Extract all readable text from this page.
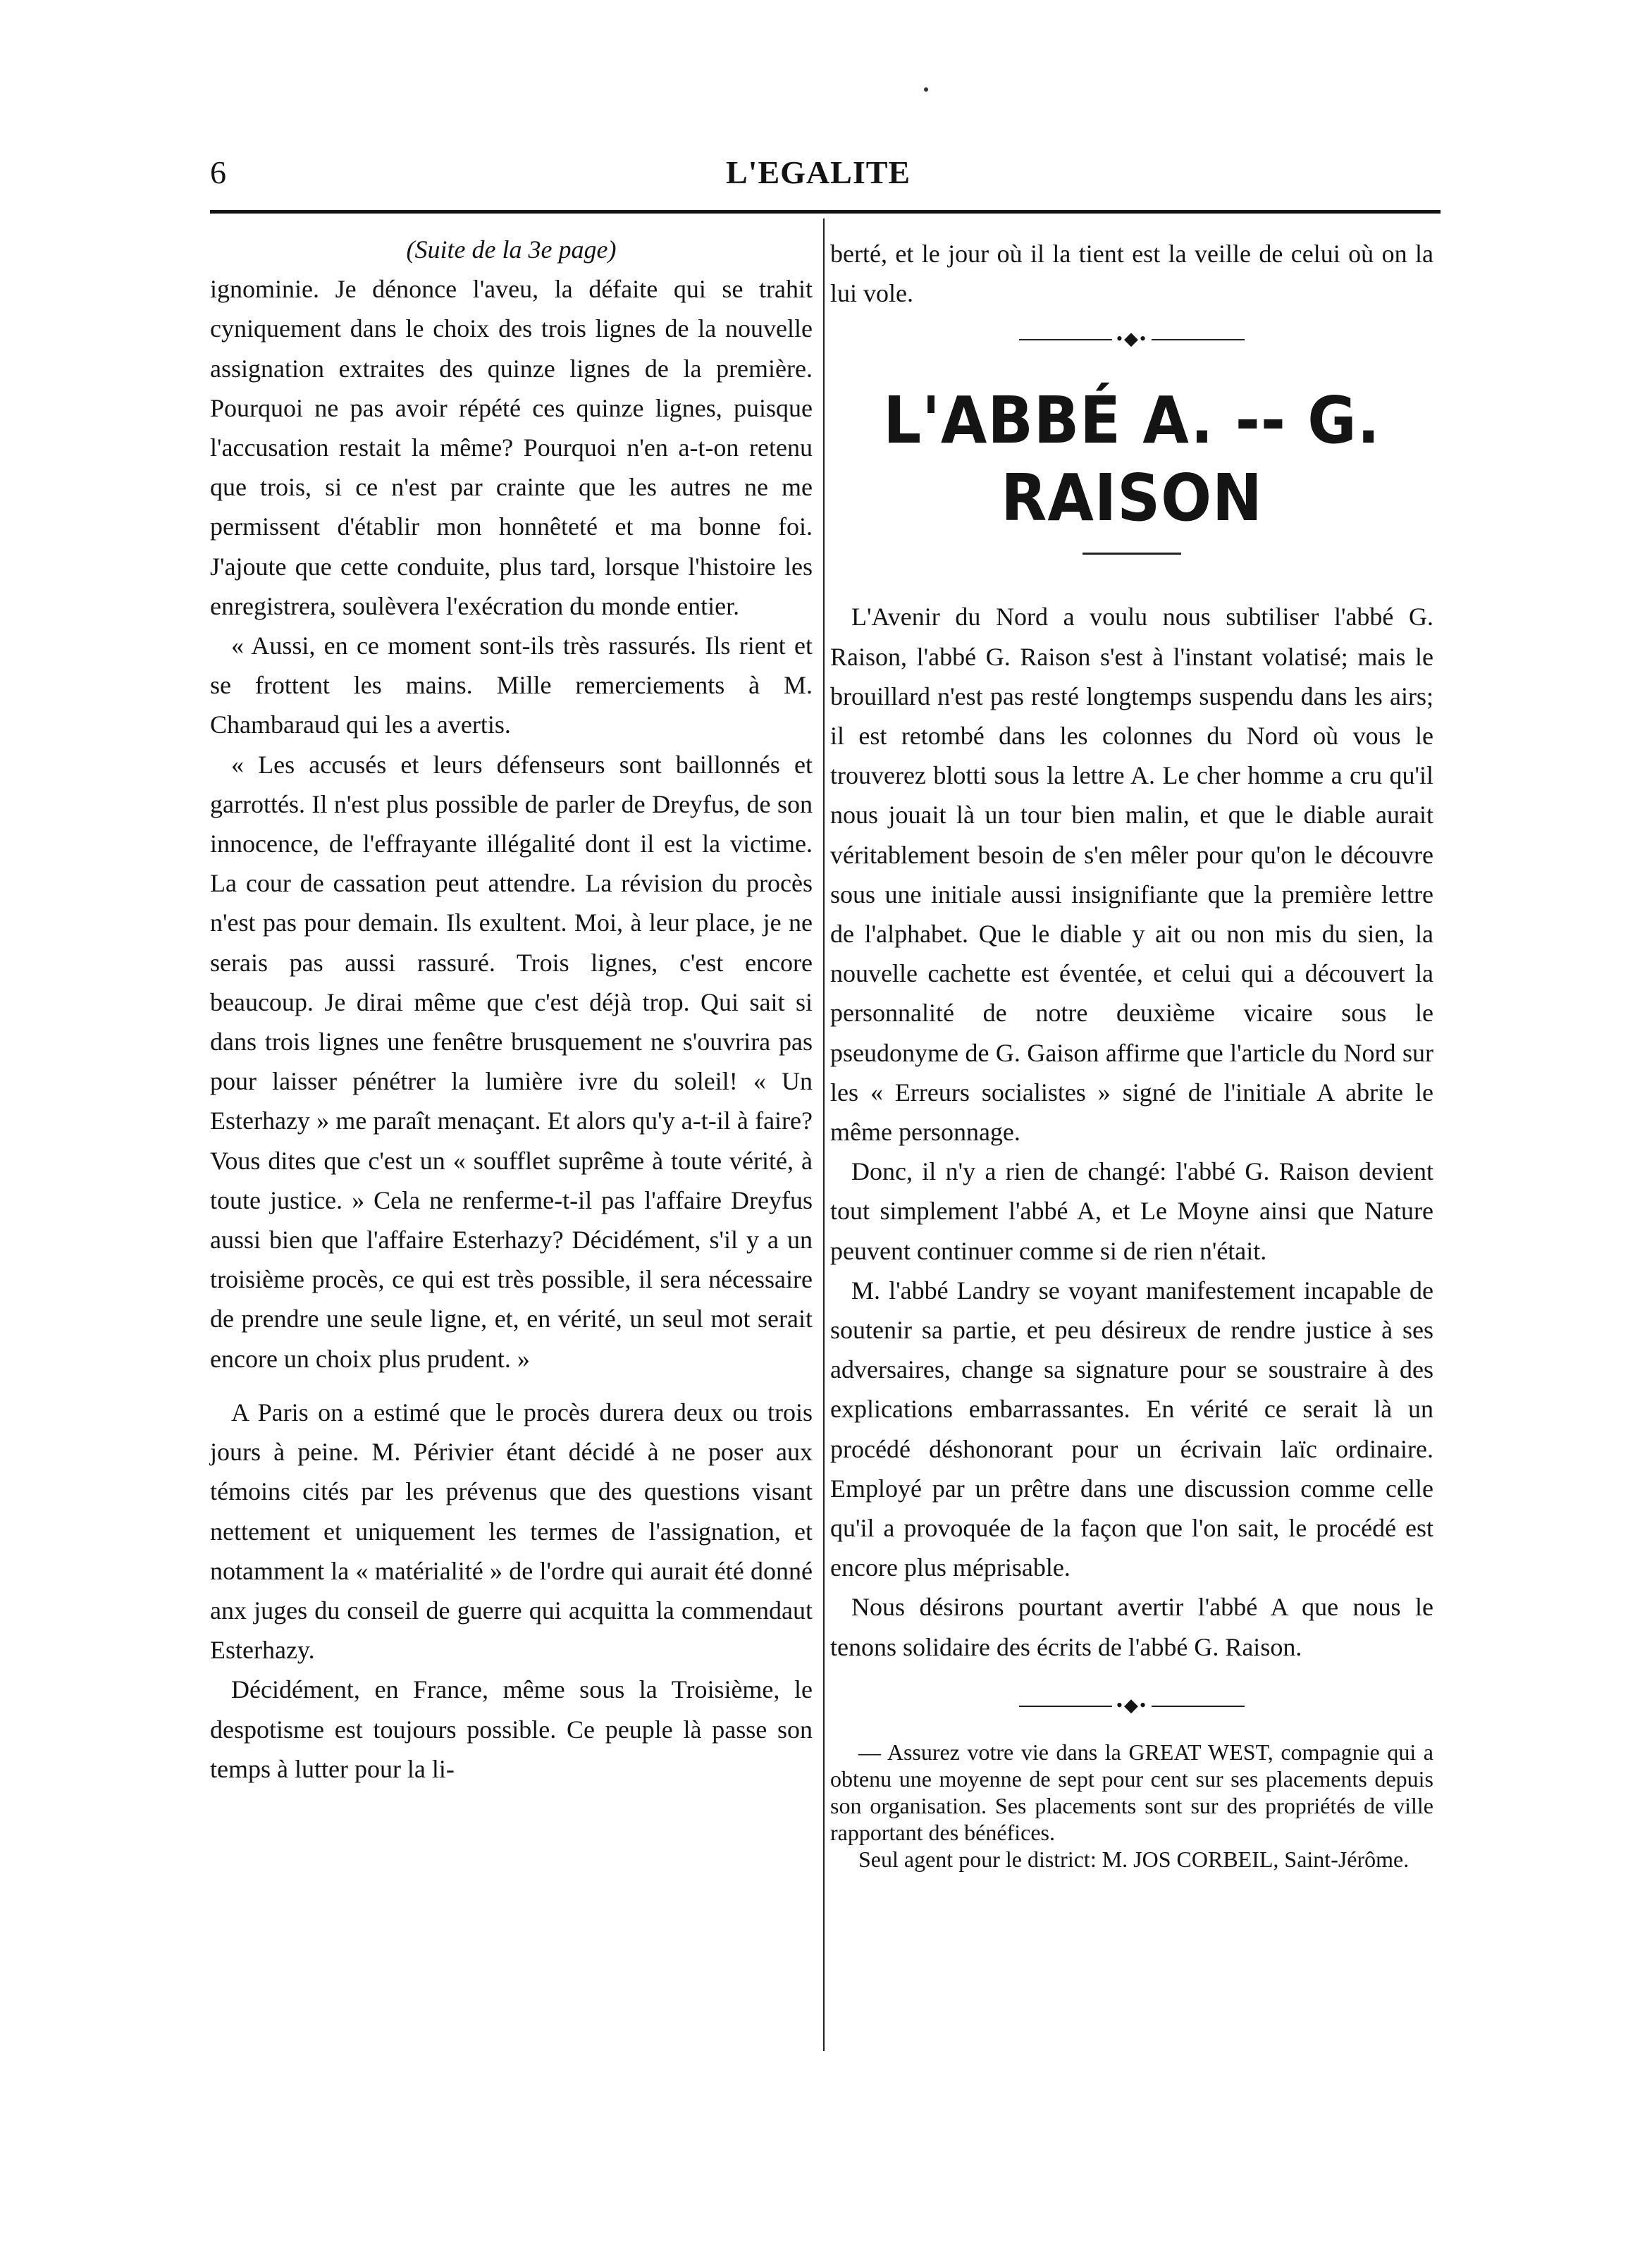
6	L'EGALITE

(Suite de la 3e page)

ignominie. Je dénonce l'aveu, la défaite qui se trahit cyniquement dans le choix des trois lignes de la nouvelle assignation extraites des quinze lignes de la première. Pourquoi ne pas avoir répété ces quinze lignes, puisque l'accusation restait la même? Pourquoi n'en a-t-on retenu que trois, si ce n'est par crainte que les autres ne me permissent d'établir mon honnêteté et ma bonne foi. J'ajoute que cette conduite, plus tard, lorsque l'histoire les enregistrera, soulèvera l'exécration du monde entier.

« Aussi, en ce moment sont-ils très rassurés. Ils rient et se frottent les mains. Mille remerciements à M. Chambaraud qui les a avertis.

« Les accusés et leurs défenseurs sont baillonnés et garrottés. Il n'est plus possible de parler de Dreyfus, de son innocence, de l'effrayante illégalité dont il est la victime. La cour de cassation peut attendre. La révision du procès n'est pas pour demain. Ils exultent. Moi, à leur place, je ne serais pas aussi rassuré. Trois lignes, c'est encore beaucoup. Je dirai même que c'est déjà trop. Qui sait si dans trois lignes une fenêtre brusquement ne s'ouvrira pas pour laisser pénétrer la lumière ivre du soleil! « Un Esterhazy » me paraît menaçant. Et alors qu'y a-t-il à faire? Vous dites que c'est un « soufflet suprême à toute vérité, à toute justice. » Cela ne renferme-t-il pas l'affaire Dreyfus aussi bien que l'affaire Esterhazy? Décidément, s'il y a un troisième procès, ce qui est très possible, il sera nécessaire de prendre une seule ligne, et, en vérité, un seul mot serait encore un choix plus prudent. »

A Paris on a estimé que le procès durera deux ou trois jours à peine. M. Périvier étant décidé à ne poser aux témoins cités par les prévenus que des questions visant nettement et uniquement les termes de l'assignation, et notamment la « matérialité » de l'ordre qui aurait été donné anx juges du conseil de guerre qui acquitta la commendaut Esterhazy.

Décidément, en France, même sous la Troisième, le despotisme est toujours possible. Ce peuple là passe son temps à lutter pour la li-

berté, et le jour où il la tient est la veille de celui où on la lui vole.

•◆•
L'ABBÉ A. -- G. RAISON

L'Avenir du Nord a voulu nous subtiliser l'abbé G. Raison, l'abbé G. Raison s'est à l'instant volatisé; mais le brouillard n'est pas resté longtemps suspendu dans les airs; il est retombé dans les colonnes du Nord où vous le trouverez blotti sous la lettre A. Le cher homme a cru qu'il nous jouait là un tour bien malin, et que le diable aurait véritablement besoin de s'en mêler pour qu'on le découvre sous une initiale aussi insignifiante que la première lettre de l'alphabet. Que le diable y ait ou non mis du sien, la nouvelle cachette est éventée, et celui qui a découvert la personnalité de notre deuxième vicaire sous le pseudonyme de G. Gaison affirme que l'article du Nord sur les « Erreurs socialistes » signé de l'initiale A abrite le même personnage.

Donc, il n'y a rien de changé: l'abbé G. Raison devient tout simplement l'abbé A, et Le Moyne ainsi que Nature peuvent continuer comme si de rien n'était.

M. l'abbé Landry se voyant manifestement incapable de soutenir sa partie, et peu désireux de rendre justice à ses adversaires, change sa signature pour se soustraire à des explications embarrassantes. En vérité ce serait là un procédé déshonorant pour un écrivain laïc ordinaire. Employé par un prêtre dans une discussion comme celle qu'il a provoquée de la façon que l'on sait, le procédé est encore plus méprisable.

Nous désirons pourtant avertir l'abbé A que nous le tenons solidaire des écrits de l'abbé G. Raison.

•◆•

— Assurez votre vie dans la GREAT WEST, compagnie qui a obtenu une moyenne de sept pour cent sur ses placements depuis son organisation. Ses placements sont sur des propriétés de ville rapportant des bénéfices.

Seul agent pour le district: M. JOS CORBEIL, Saint-Jérôme.
